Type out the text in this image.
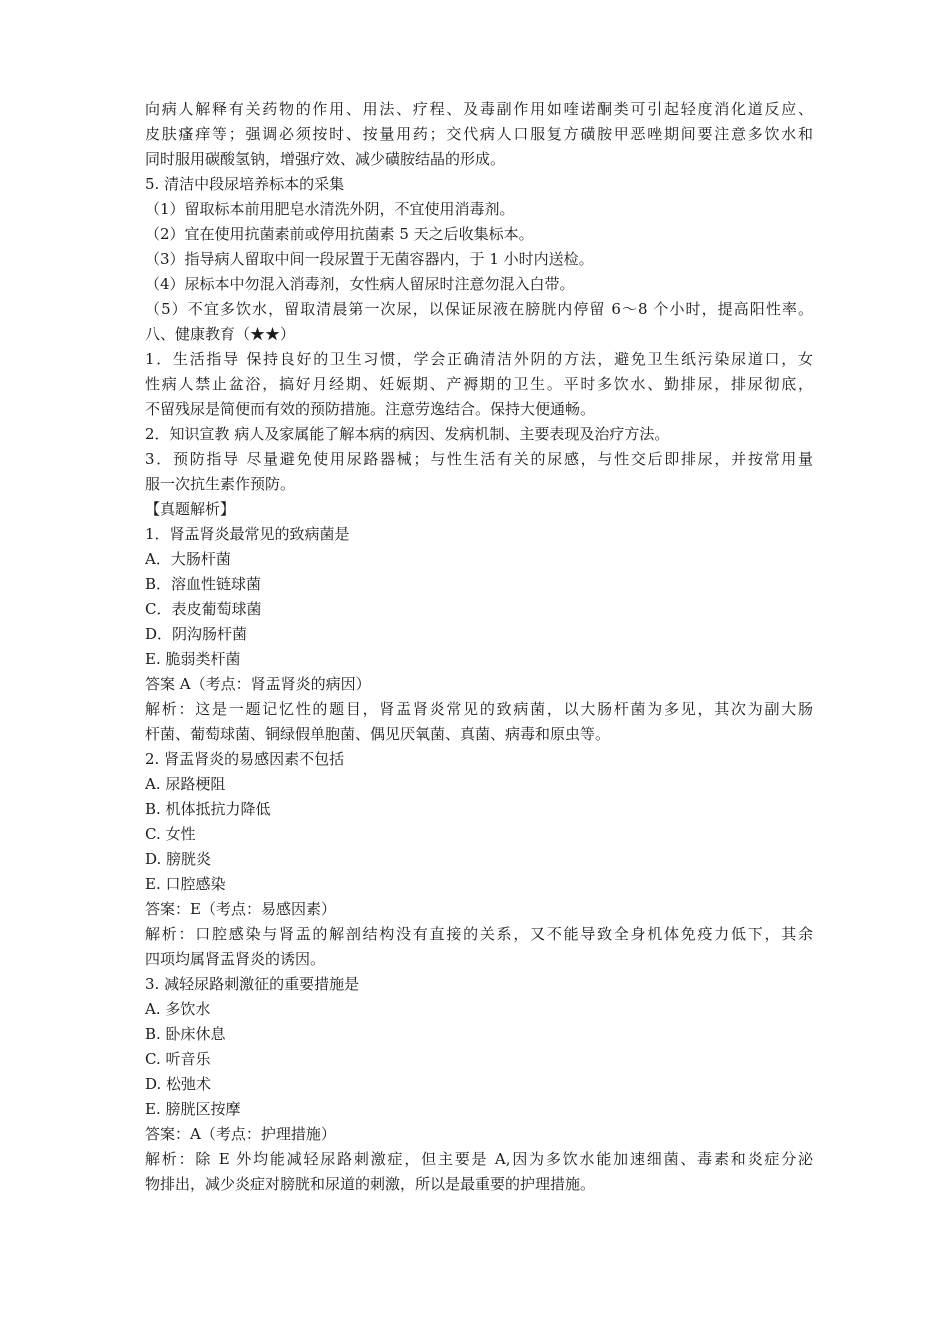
向病人解释有关药物的作用、用法、疗程、及毒副作用如喹诺酮类可引起轻度消化道反应、
皮肤瘙痒等；强调必须按时、按量用药；交代病人口服复方磺胺甲恶唑期间要注意多饮水和
同时服用碳酸氢钠，增强疗效、减少磺胺结晶的形成。
5. 清洁中段尿培养标本的采集
（1）留取标本前用肥皂水清洗外阴，不宜使用消毒剂。
（2）宜在使用抗菌素前或停用抗菌素 5 天之后收集标本。
（3）指导病人留取中间一段尿置于无菌容器内，于 1 小时内送检。
（4）尿标本中勿混入消毒剂，女性病人留尿时注意勿混入白带。
（5）不宜多饮水，留取清晨第一次尿，以保证尿液在膀胱内停留 6～8 个小时，提高阳性率。
八、健康教育（★★）
1．生活指导 保持良好的卫生习惯，学会正确清洁外阴的方法，避免卫生纸污染尿道口，女
性病人禁止盆浴，搞好月经期、妊娠期、产褥期的卫生。平时多饮水、勤排尿，排尿彻底，
不留残尿是简便而有效的预防措施。注意劳逸结合。保持大便通畅。
2．知识宣教 病人及家属能了解本病的病因、发病机制、主要表现及治疗方法。
3．预防指导 尽量避免使用尿路器械；与性生活有关的尿感，与性交后即排尿，并按常用量
服一次抗生素作预防。
【真题解析】
1．肾盂肾炎最常见的致病菌是
A．大肠杆菌
B．溶血性链球菌
C．表皮葡萄球菌
D．阴沟肠杆菌
E. 脆弱类杆菌
答案 A（考点：肾盂肾炎的病因）
解析：这是一题记忆性的题目，肾盂肾炎常见的致病菌，以大肠杆菌为多见，其次为副大肠
杆菌、葡萄球菌、铜绿假单胞菌、偶见厌氧菌、真菌、病毒和原虫等。
2. 肾盂肾炎的易感因素不包括
A. 尿路梗阻
B. 机体抵抗力降低
C. 女性
D. 膀胱炎
E. 口腔感染
答案：E（考点：易感因素）
解析：口腔感染与肾盂的解剖结构没有直接的关系，又不能导致全身机体免疫力低下，其余
四项均属肾盂肾炎的诱因。
3. 减轻尿路刺激征的重要措施是
A. 多饮水
B. 卧床休息
C. 听音乐
D. 松弛术
E. 膀胱区按摩
答案：A（考点：护理措施）
解析：除 E 外均能减轻尿路刺激症，但主要是 A,因为多饮水能加速细菌、毒素和炎症分泌
物排出，减少炎症对膀胱和尿道的刺激，所以是最重要的护理措施。
